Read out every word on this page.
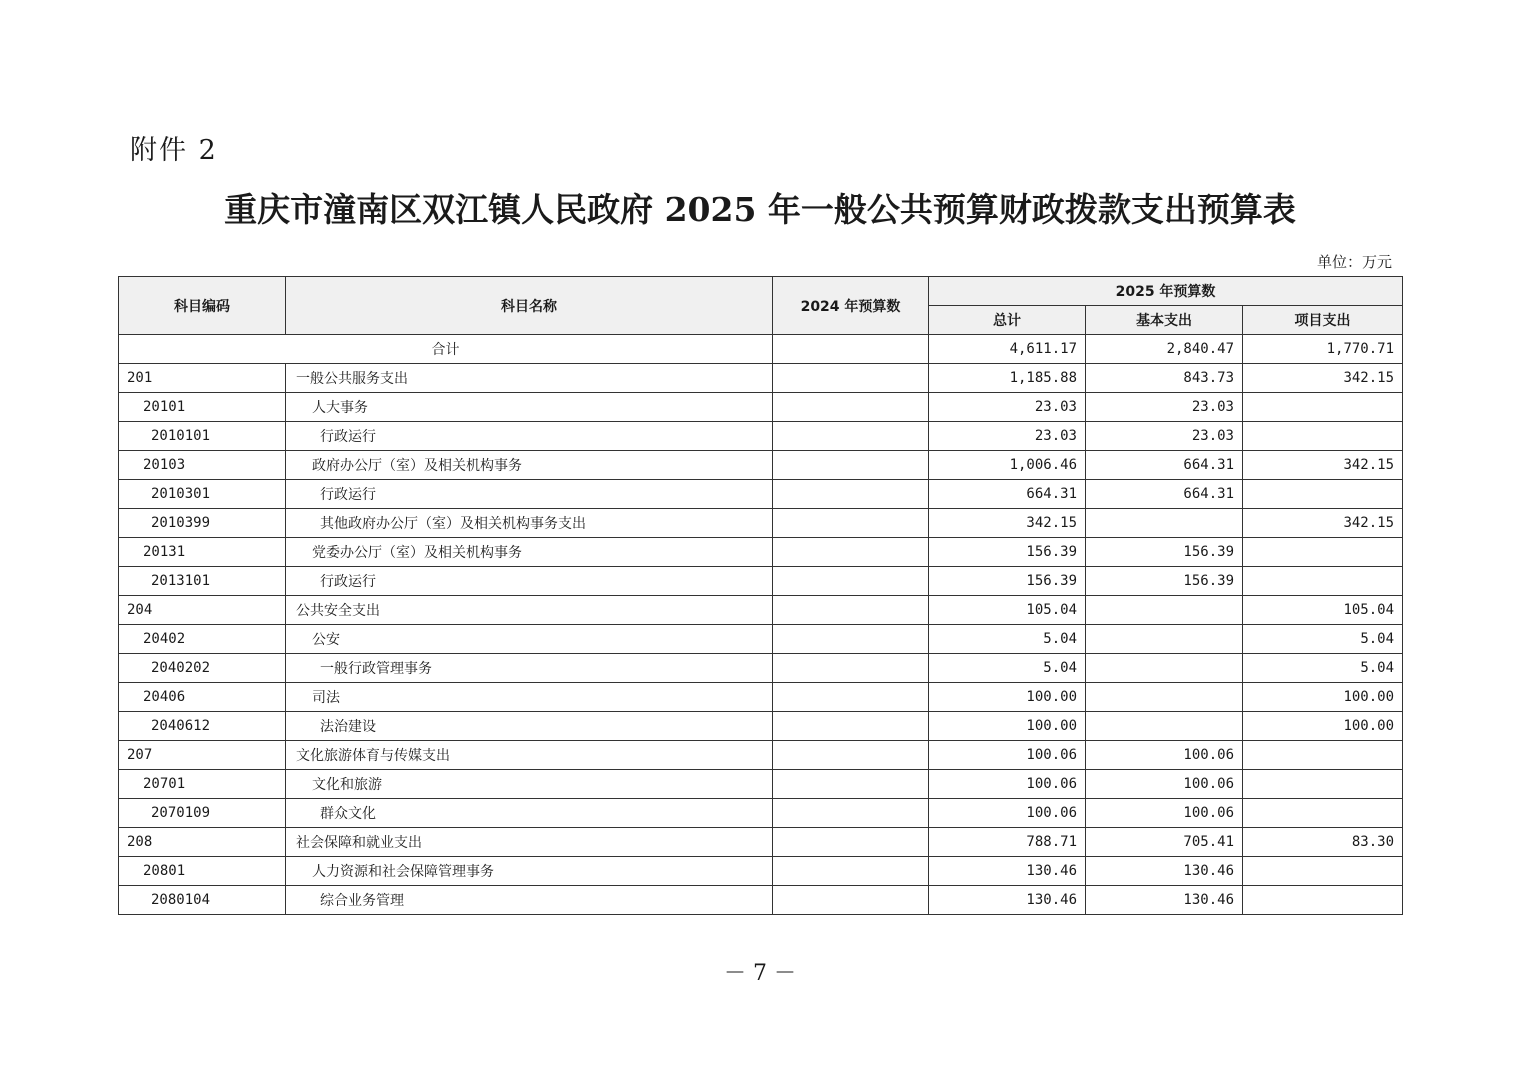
附件 2
重庆市潼南区双江镇人民政府 2025 年一般公共预算财政拨款支出预算表
单位：万元
科目编码	科目名称	2024 年预算数	2025 年预算数		
			总计	基本支出	项目支出
合计			4,611.17	2,840.47	1,770.71
201	一般公共服务支出		1,185.88	843.73	342.15
20101	人大事务		23.03	23.03	
2010101	行政运行		23.03	23.03	
20103	政府办公厅（室）及相关机构事务		1,006.46	664.31	342.15
2010301	行政运行		664.31	664.31	
2010399	其他政府办公厅（室）及相关机构事务支出		342.15		342.15
20131	党委办公厅（室）及相关机构事务		156.39	156.39	
2013101	行政运行		156.39	156.39	
204	公共安全支出		105.04		105.04
20402	公安		5.04		5.04
2040202	一般行政管理事务		5.04		5.04
20406	司法		100.00		100.00
2040612	法治建设		100.00		100.00
207	文化旅游体育与传媒支出		100.06	100.06	
20701	文化和旅游		100.06	100.06	
2070109	群众文化		100.06	100.06	
208	社会保障和就业支出		788.71	705.41	83.30
20801	人力资源和社会保障管理事务		130.46	130.46	
2080104	综合业务管理		130.46	130.46	
－ 7 －
